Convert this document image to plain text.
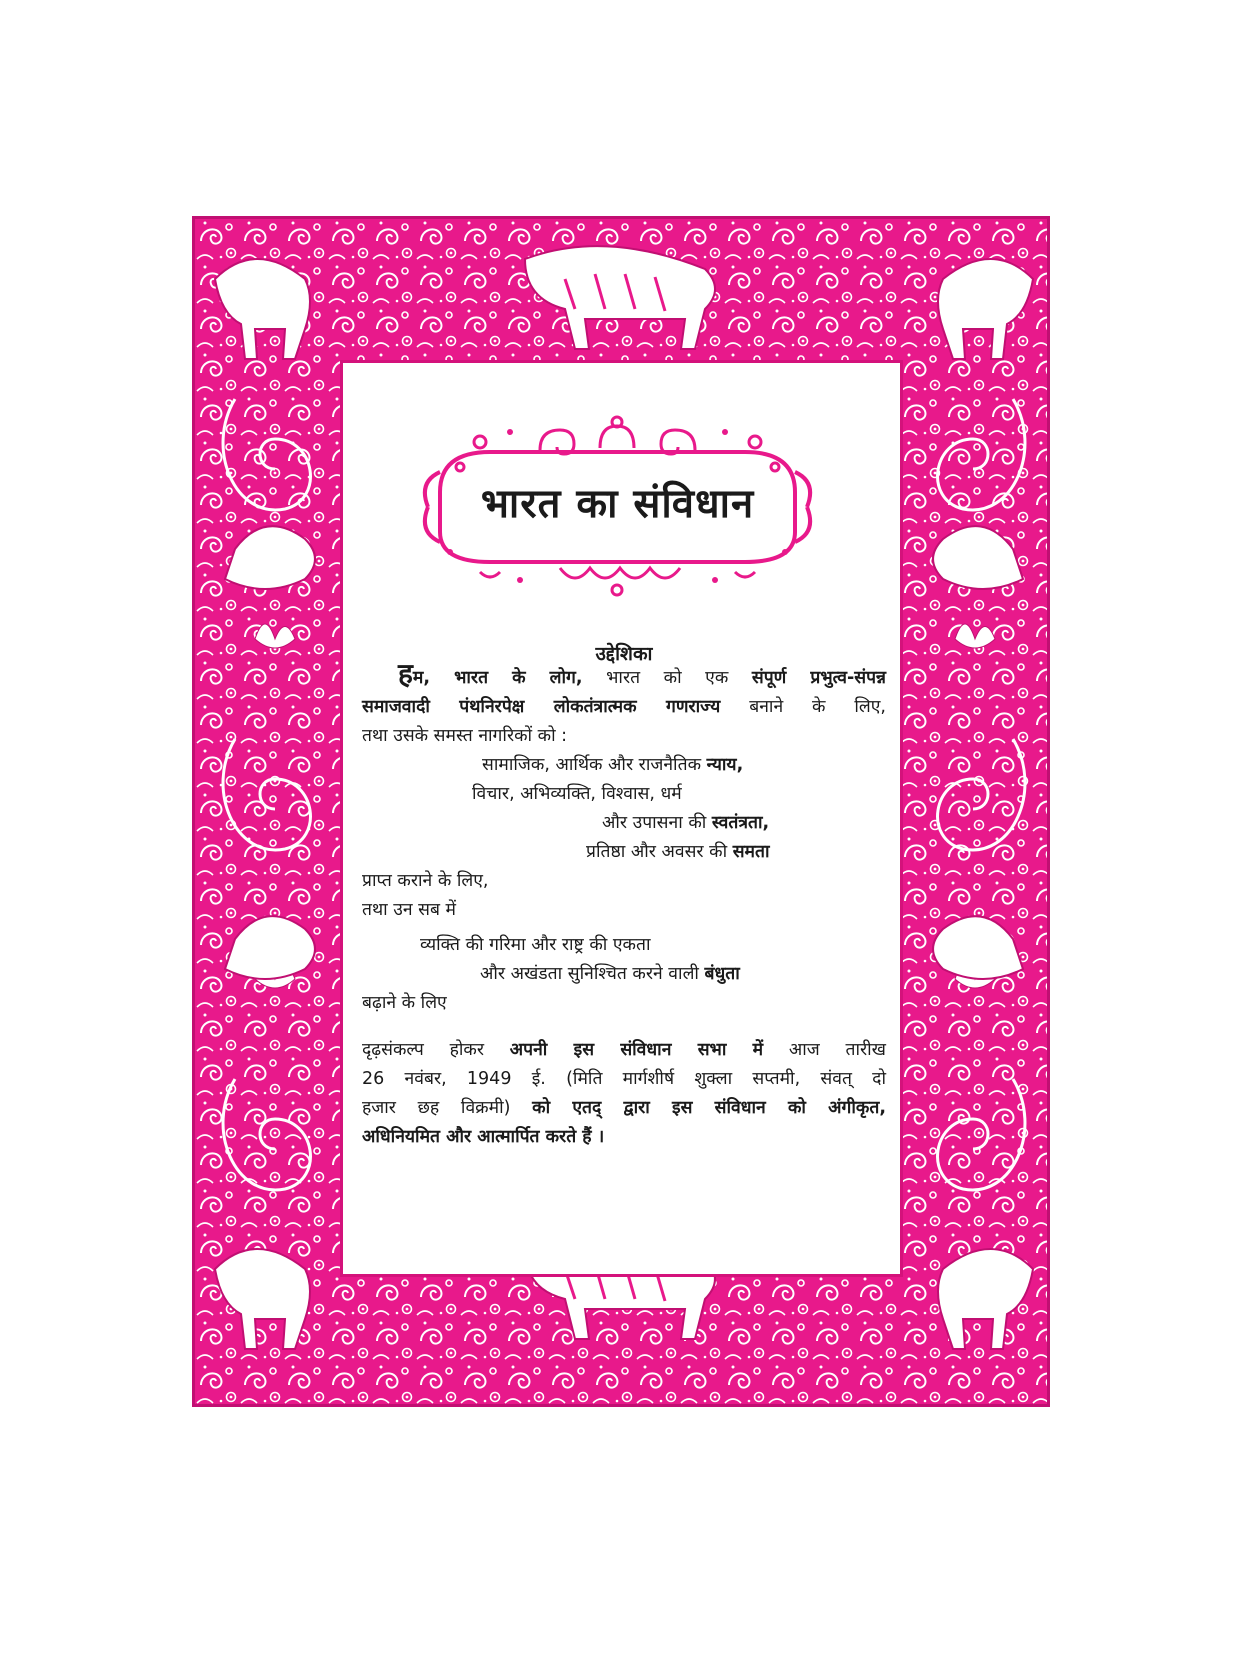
भारत का संविधान
उद्देशिका
हम, भारत के लोग, भारत को एक संपूर्ण प्रभुत्व-संपन्न
समाजवादी पंथनिरपेक्ष लोकतंत्रात्मक गणराज्य बनाने के लिए,
तथा उसके समस्त नागरिकों को :
सामाजिक, आर्थिक और राजनैतिक न्याय,
विचार, अभिव्यक्ति, विश्वास, धर्म
और उपासना की स्वतंत्रता,
प्रतिष्ठा और अवसर की समता
प्राप्त कराने के लिए,
तथा उन सब में
व्यक्ति की गरिमा और राष्ट्र की एकता
और अखंडता सुनिश्चित करने वाली बंधुता
बढ़ाने के लिए
दृढ़संकल्प होकर अपनी इस संविधान सभा में आज तारीख
26 नवंबर, 1949 ई. (मिति मार्गशीर्ष शुक्ला सप्तमी, संवत् दो
हजार छह विक्रमी) को एतद् द्वारा इस संविधान को अंगीकृत,
अधिनियमित और आत्मार्पित करते हैं ।
